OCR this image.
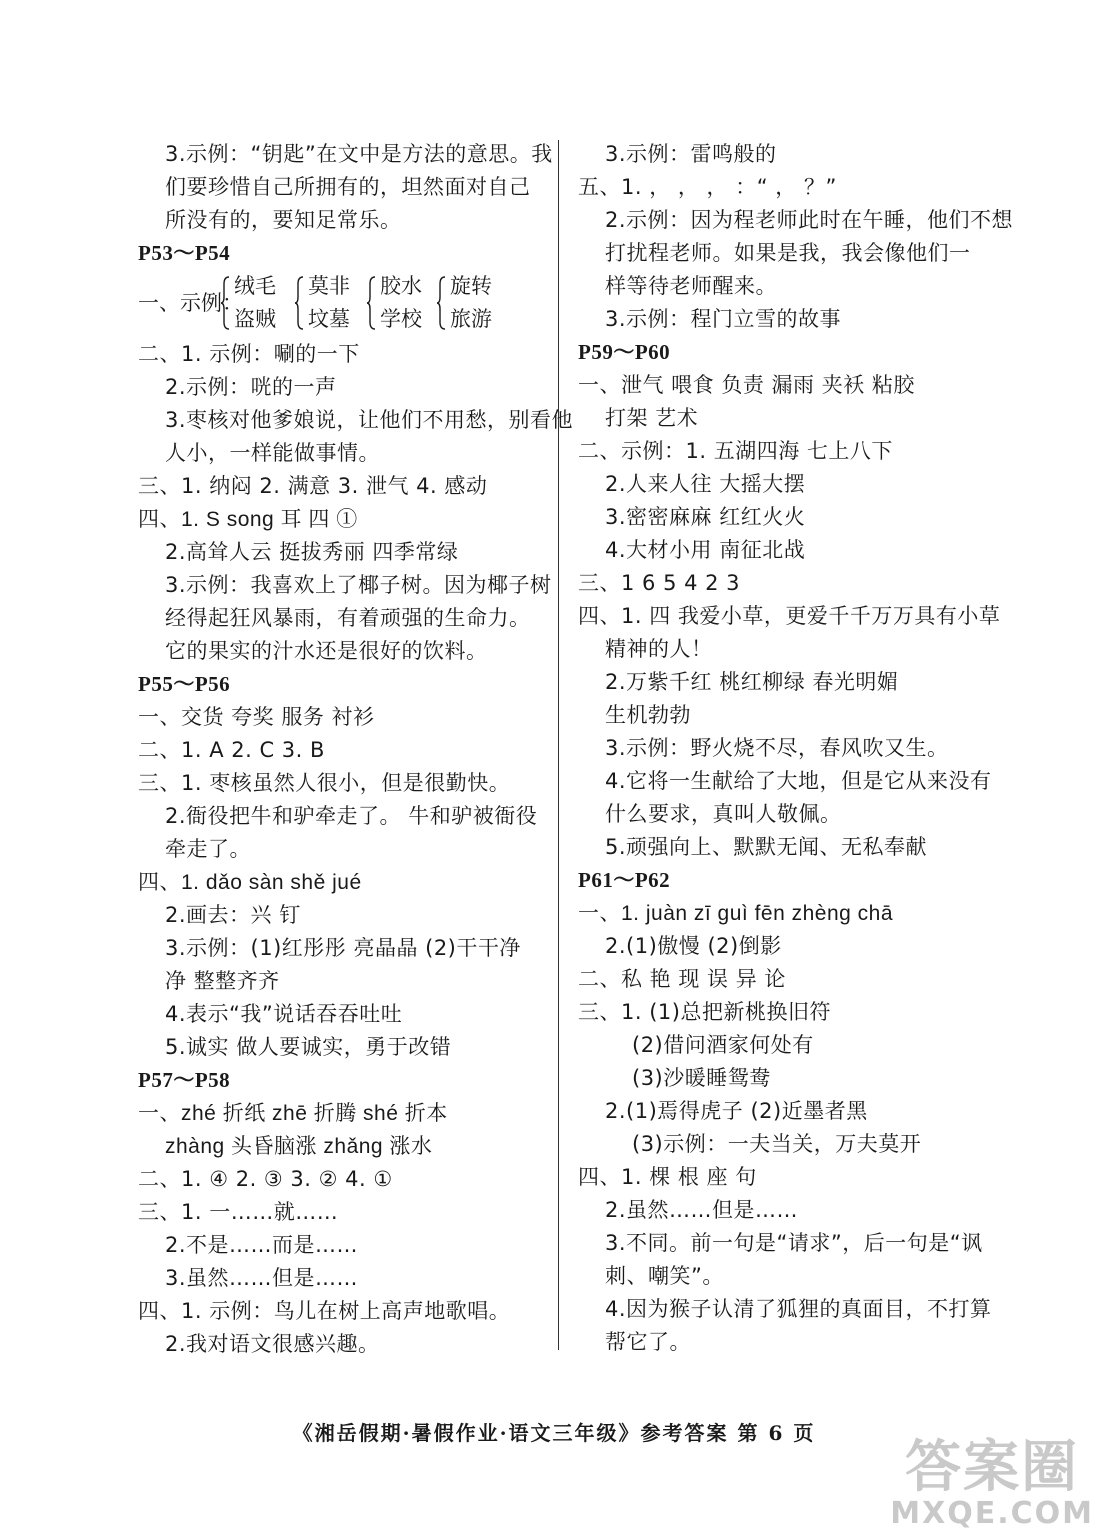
3.示例：“钥匙”在文中是方法的意思。我
们要珍惜自己所拥有的，坦然面对自己
所没有的，要知足常乐。
P53～P54
一、示例：
绒毛
盗贼
莫非
坟墓
胶水
学校
旋转
旅游
二、1. 示例：唰的一下
2.示例：咣的一声
3.枣核对他爹娘说，让他们不用愁，别看他
人小，一样能做事情。
三、1. 纳闷 2. 满意 3. 泄气 4. 感动
四、1. S song 耳 四 ①
2.高耸人云 挺拔秀丽 四季常绿
3.示例：我喜欢上了椰子树。因为椰子树
经得起狂风暴雨，有着顽强的生命力。
它的果实的汁水还是很好的饮料。
P55～P56
一、交货 夸奖 服务 衬衫
二、1. A 2. C 3. B
三、1. 枣核虽然人很小，但是很勤快。
2.衙役把牛和驴牵走了。 牛和驴被衙役
牵走了。
四、1. dǎo sàn shě jué
2.画去：兴 钉
3.示例：(1)红彤彤 亮晶晶 (2)干干净
净 整整齐齐
4.表示“我”说话吞吞吐吐
5.诚实 做人要诚实，勇于改错
P57～P58
一、zhé 折纸 zhē 折腾 shé 折本
zhàng 头昏脑涨 zhǎng 涨水
二、1. ④ 2. ③ 3. ② 4. ①
三、1. 一……就……
2.不是……而是……
3.虽然……但是……
四、1. 示例：鸟儿在树上高声地歌唱。
2.我对语文很感兴趣。
3.示例：雷鸣般的
五、1. ， ， ， ：“ ， ？”
2.示例：因为程老师此时在午睡，他们不想
打扰程老师。如果是我，我会像他们一
样等待老师醒来。
3.示例：程门立雪的故事
P59～P60
一、泄气 喂食 负责 漏雨 夹袄 粘胶
打架 艺术
二、示例：1. 五湖四海 七上八下
2.人来人往 大摇大摆
3.密密麻麻 红红火火
4.大材小用 南征北战
三、1 6 5 4 2 3
四、1. 四 我爱小草，更爱千千万万具有小草
精神的人！
2.万紫千红 桃红柳绿 春光明媚
生机勃勃
3.示例：野火烧不尽，春风吹又生。
4.它将一生献给了大地，但是它从来没有
什么要求，真叫人敬佩。
5.顽强向上、默默无闻、无私奉献
P61～P62
一、1. juàn zī guì fēn zhèng chā
2.(1)傲慢 (2)倒影
二、私 艳 现 误 异 论
三、1. (1)总把新桃换旧符
(2)借问酒家何处有
(3)沙暖睡鸳鸯
2.(1)焉得虎子 (2)近墨者黑
(3)示例：一夫当关，万夫莫开
四、1. 棵 根 座 句
2.虽然……但是……
3.不同。前一句是“请求”，后一句是“讽
刺、嘲笑”。
4.因为猴子认清了狐狸的真面目，不打算
帮它了。
《湘岳假期·暑假作业·语文三年级》参考答案 第 6 页
答案圈
MXQE.COM
